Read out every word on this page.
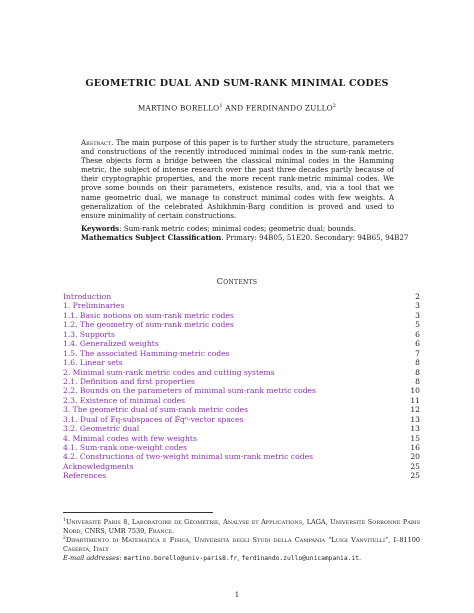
GEOMETRIC DUAL AND SUM-RANK MINIMAL CODES
MARTINO BORELLO$^1$ AND FERDINANDO ZULLO$^2$
Abstract. The main purpose of this paper is to further study the structure, parameters and constructions of the recently introduced minimal codes in the sum-rank metric. These objects form a bridge between the classical minimal codes in the Hamming metric, the subject of intense research over the past three decades partly because of their cryptographic properties, and the more recent rank-metric minimal codes. We prove some bounds on their parameters, existence results, and, via a tool that we name geometric dual, we manage to construct minimal codes with few weights. A generalization of the celebrated Ashikhmin-Barg condition is proved and used to ensure minimality of certain constructions.
Keywords: Sum-rank metric codes; minimal codes; geometric dual; bounds.
Mathematics Subject Classification. Primary: 94B05, 51E20. Secondary: 94B65, 94B27
Contents
Introduction	2
1. Preliminaries	3
1.1. Basic notions on sum-rank metric codes	3
1.2. The geometry of sum-rank metric codes	5
1.3. Supports	6
1.4. Generalized weights	6
1.5. The associated Hamming-metric codes	7
1.6. Linear sets	8
2. Minimal sum-rank metric codes and cutting systems	8
2.1. Definition and first properties	8
2.2. Bounds on the parameters of minimal sum-rank metric codes	10
2.3. Existence of minimal codes	11
3. The geometric dual of sum-rank metric codes	12
3.1. Dual of 𝔽q-subspaces of 𝔽qⁿ-vector spaces	13
3.2. Geometric dual	13
4. Minimal codes with few weights	15
4.1. Sum-rank one-weight codes	16
4.2. Constructions of two-weight minimal sum-rank metric codes	20
Acknowledgments	25
References	25
$^1$Université Paris 8, Laboratoire de Géométrie, Analyse et Applications, LAGA, Université Sorbonne Paris Nord, CNRS, UMR 7539, France.
$^2$Dipartimento di Matematica e Fisica, Università degli Studi della Campania “Luigi Vanvitelli”, I–81100 Caserta, Italy
E-mail addresses: martino.borello@univ-paris8.fr, ferdinando.zullo@unicampania.it.
1
